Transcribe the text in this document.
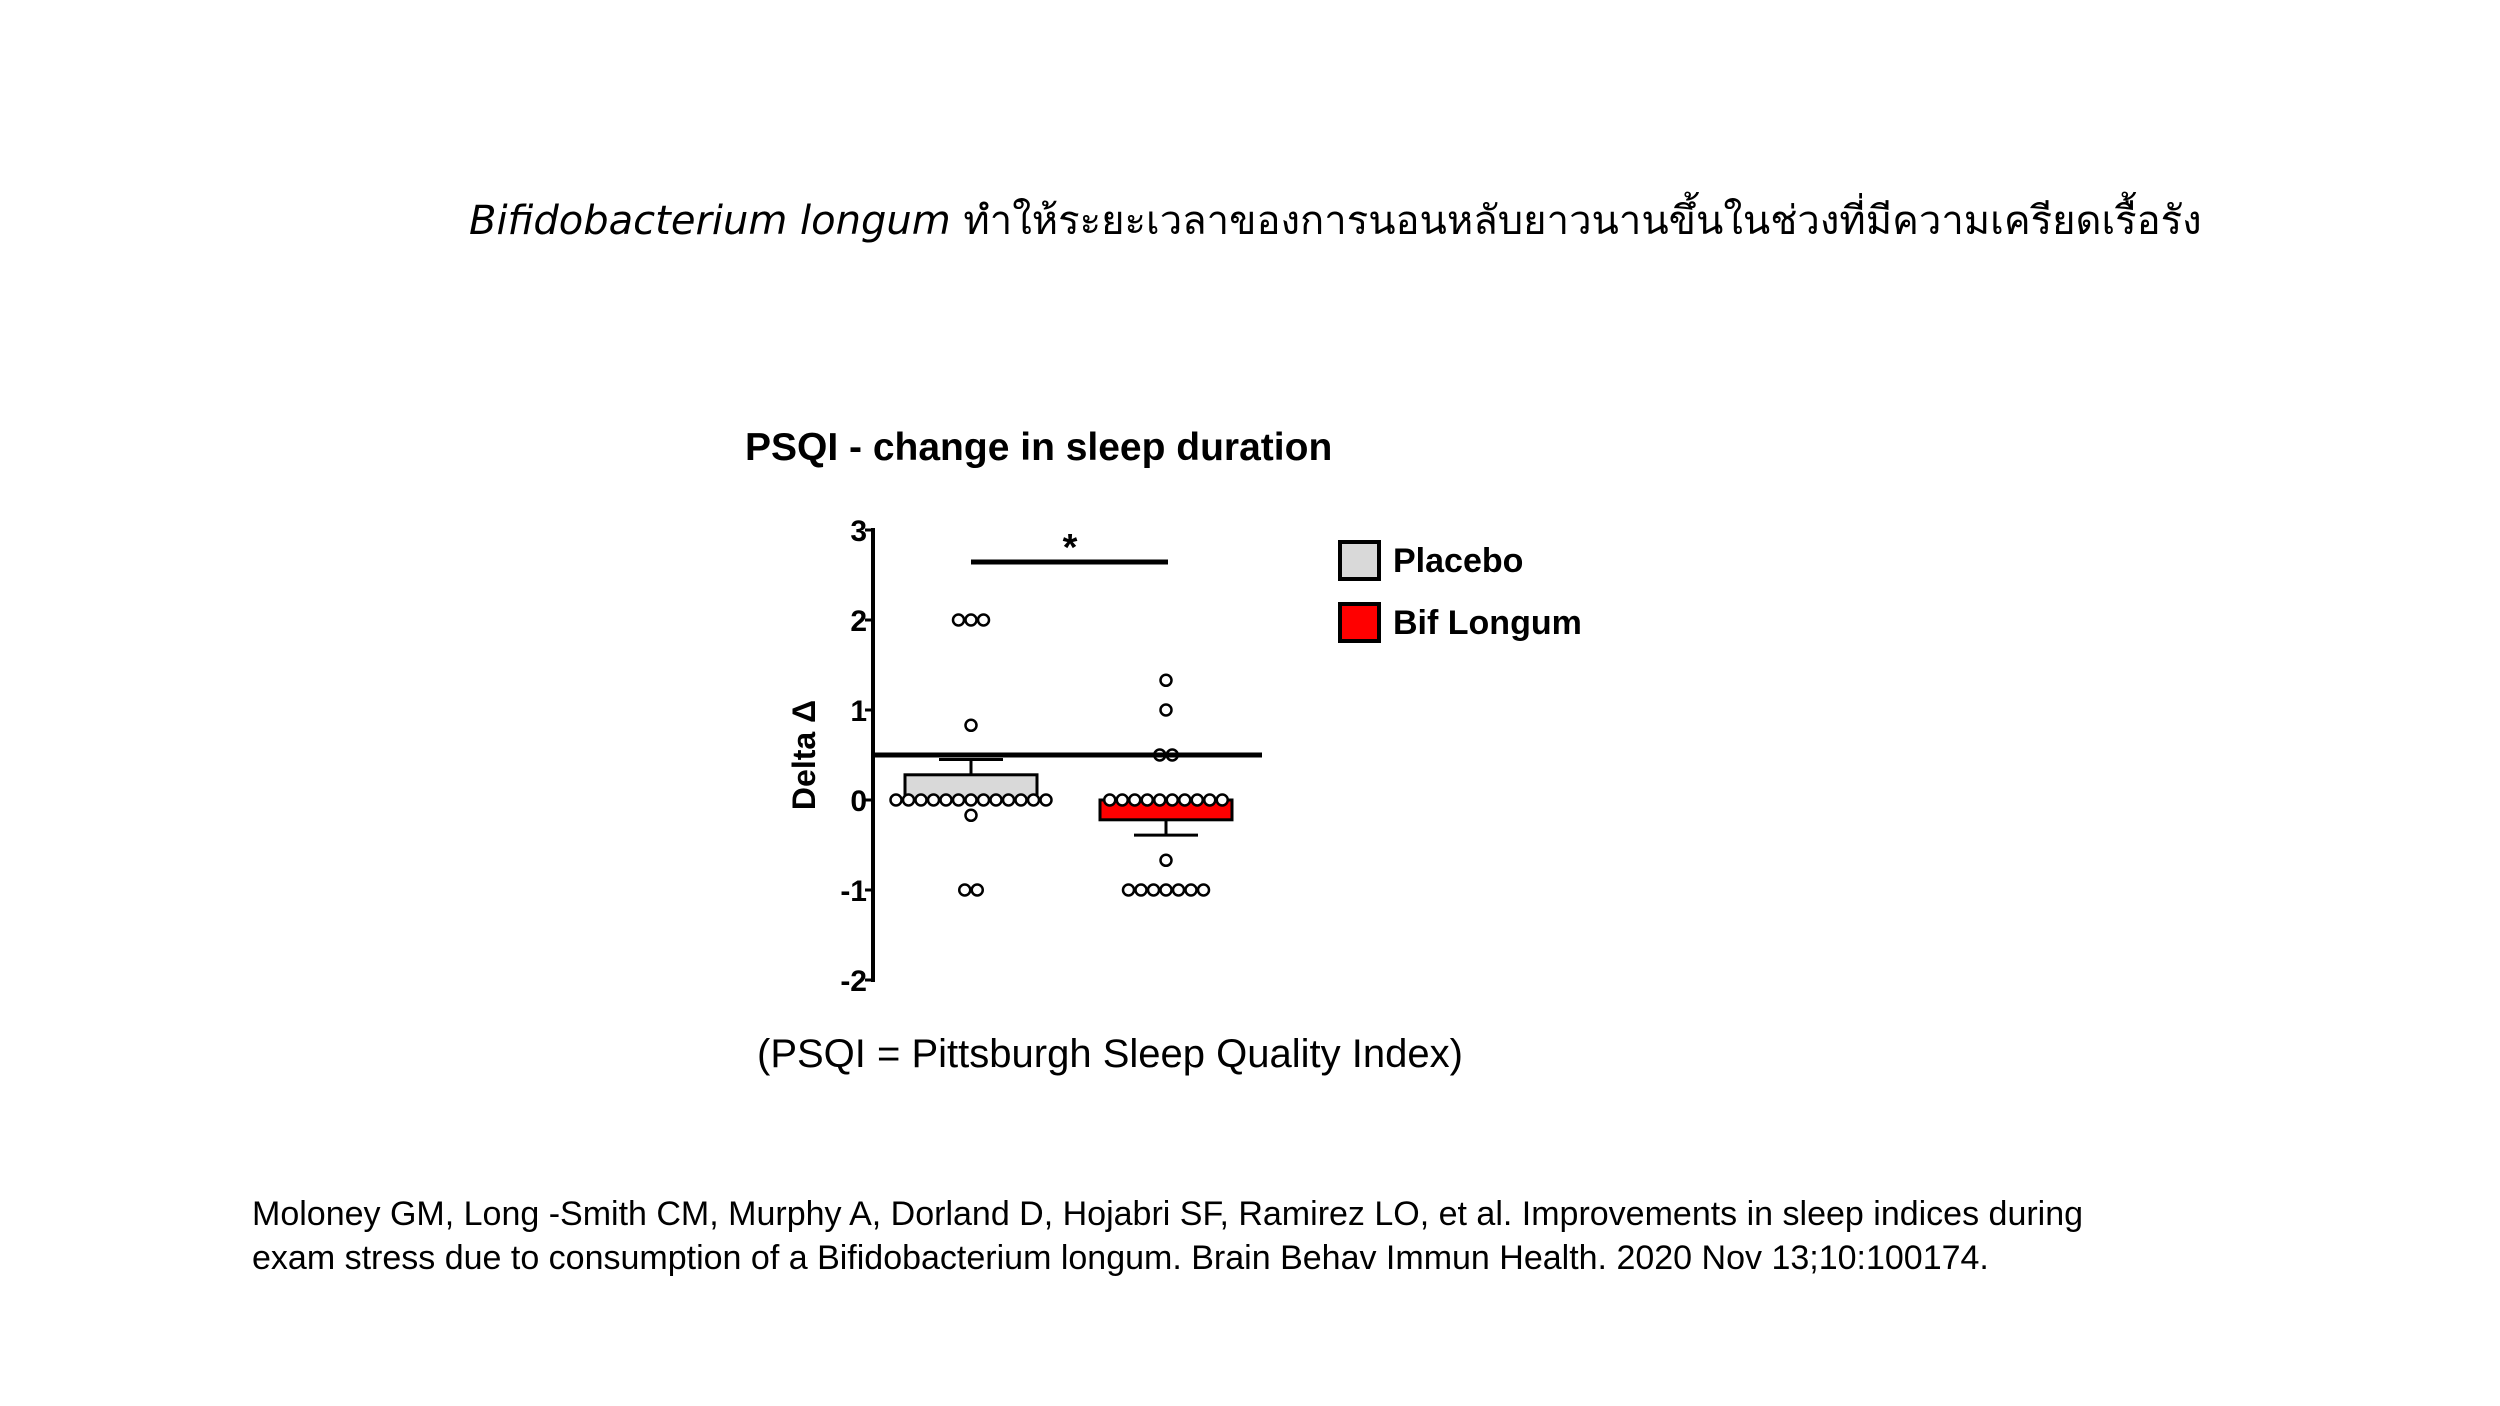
Bifidobacterium longum ทำให้ระยะเวลาของการนอนหลับยาวนานขึ้นในช่วงที่มีความเครียดเรื้อรัง
PSQI - change in sleep duration
Delta Δ
3
2
1
0
-1
-2
*	Placebo
Bif Longum
(PSQI = Pittsburgh Sleep Quality Index)
Moloney GM, Long -Smith CM, Murphy A, Dorland D, Hojabri SF, Ramirez LO, et al. Improvements in sleep indices during
exam stress due to consumption of a Bifidobacterium longum. Brain Behav Immun Health. 2020 Nov 13;10:100174.
